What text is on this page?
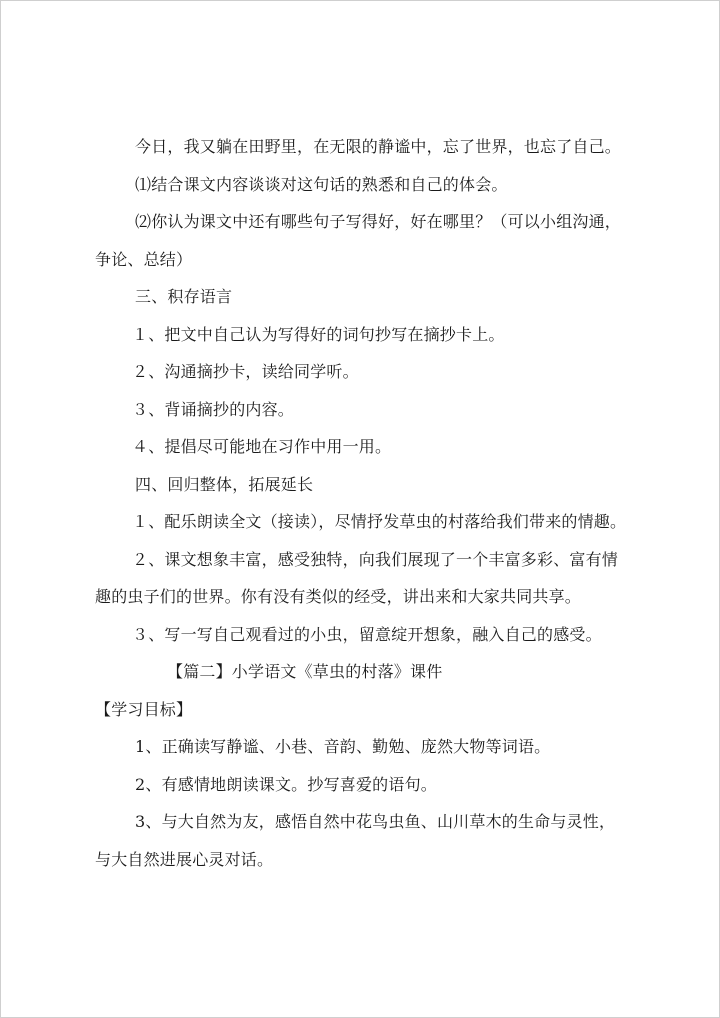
今日，我又躺在田野里，在无限的静谧中，忘了世界，也忘了自己。
⑴结合课文内容谈谈对这句话的熟悉和自己的体会。
⑵你认为课文中还有哪些句子写得好，好在哪里？（可以小组沟通，
争论、总结）
三、积存语言
１、把文中自己认为写得好的词句抄写在摘抄卡上。
２、沟通摘抄卡，读给同学听。
３、背诵摘抄的内容。
４、提倡尽可能地在习作中用一用。
四、回归整体，拓展延长
１、配乐朗读全文（接读），尽情抒发草虫的村落给我们带来的情趣。
２、课文想象丰富，感受独特，向我们展现了一个丰富多彩、富有情
趣的虫子们的世界。你有没有类似的经受，讲出来和大家共同共享。
３、写一写自己观看过的小虫，留意绽开想象，融入自己的感受。
【篇二】小学语文《草虫的村落》课件
【学习目标】
1、正确读写静谧、小巷、音韵、勤勉、庞然大物等词语。
2、有感情地朗读课文。抄写喜爱的语句。
3、与大自然为友，感悟自然中花鸟虫鱼、山川草木的生命与灵性，
与大自然进展心灵对话。
